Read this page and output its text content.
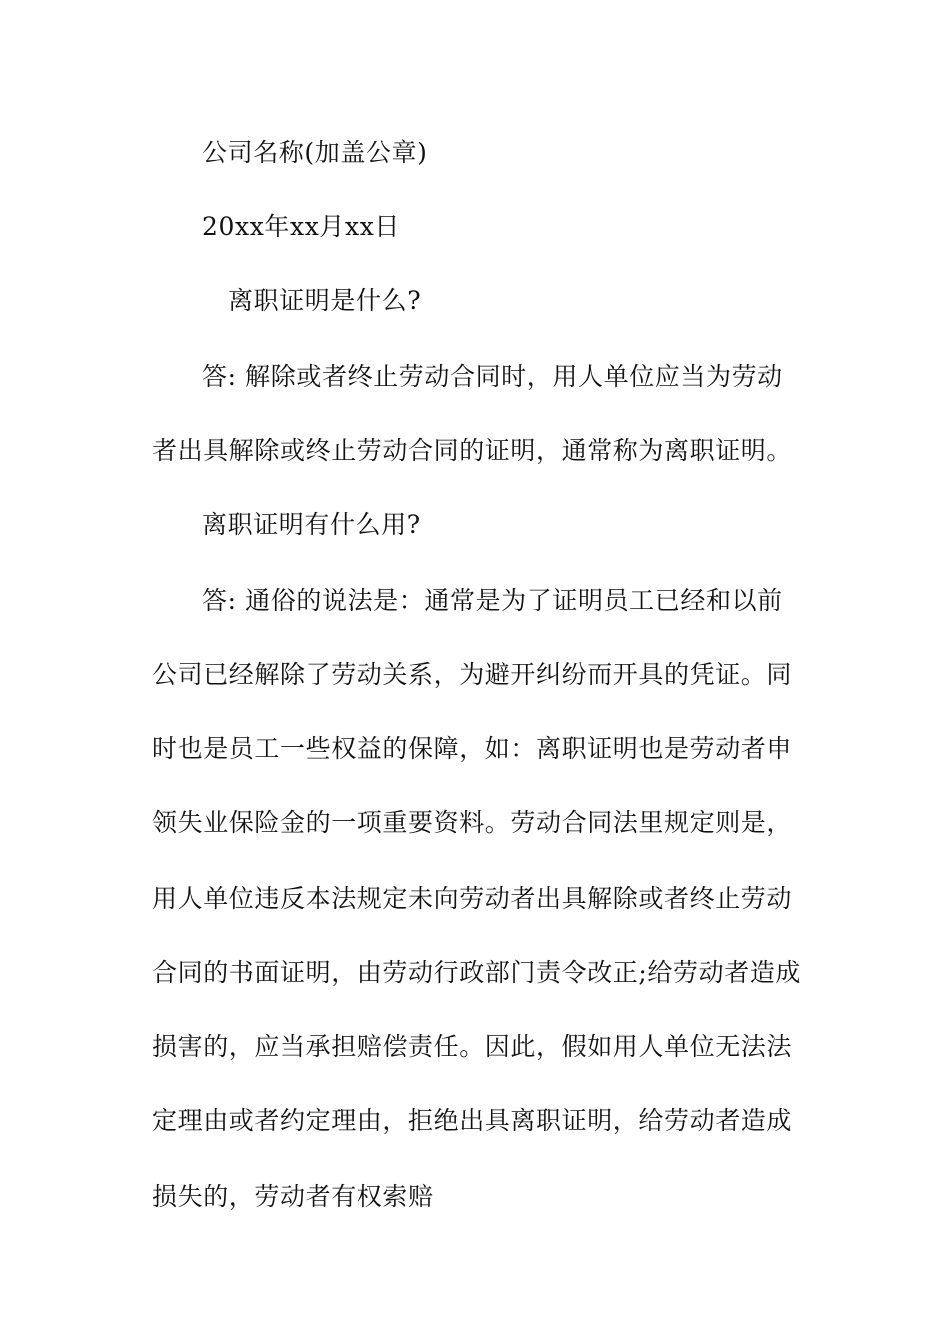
公司名称(加盖公章)
20xx年xx月xx日
离职证明是什么?
答: 解除或者终止劳动合同时，用人单位应当为劳动
者出具解除或终止劳动合同的证明，通常称为离职证明。
离职证明有什么用?
答: 通俗的说法是：通常是为了证明员工已经和以前
公司已经解除了劳动关系，为避开纠纷而开具的凭证。同
时也是员工一些权益的保障，如：离职证明也是劳动者申
领失业保险金的一项重要资料。劳动合同法里规定则是，
用人单位违反本法规定未向劳动者出具解除或者终止劳动
合同的书面证明，由劳动行政部门责令改正;给劳动者造成
损害的，应当承担赔偿责任。因此，假如用人单位无法法
定理由或者约定理由，拒绝出具离职证明，给劳动者造成
损失的，劳动者有权索赔
